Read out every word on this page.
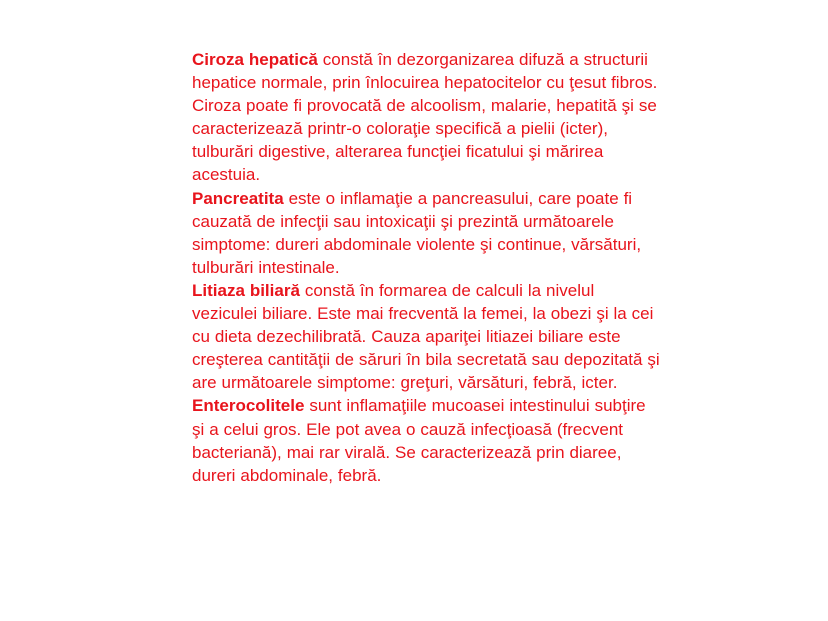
Ciroza hepatică constă în dezorganizarea difuză a structurii hepatice normale, prin înlocuirea hepatocitelor cu ţesut fibros. Ciroza poate fi provocată de alcoolism, malarie, hepatită şi se caracterizează printr-o coloraţie specifică a pielii (icter), tulburări digestive, alterarea funcţiei ficatului şi mărirea acestuia.

Pancreatita este o inflamaţie a pancreasului, care poate fi cauzată de infecţii sau intoxicaţii şi prezintă următoarele simptome: dureri abdominale violente şi continue, vărsături, tulburări intestinale.

Litiaza biliară constă în formarea de calculi la nivelul veziculei biliare. Este mai frecventă la femei, la obezi şi la cei cu dieta dezechilibrată. Cauza apariţei litiazei biliare este creşterea cantităţii de săruri în bila secretată sau depozitată şi are următoarele simptome: greţuri, vărsături, febră, icter.

Enterocolitele sunt inflamaţiile mucoasei intestinului subţire şi a celui gros. Ele pot avea o cauză infecţioasă (frecvent bacteriană), mai rar virală. Se caracterizează prin diaree, dureri abdominale, febră.
